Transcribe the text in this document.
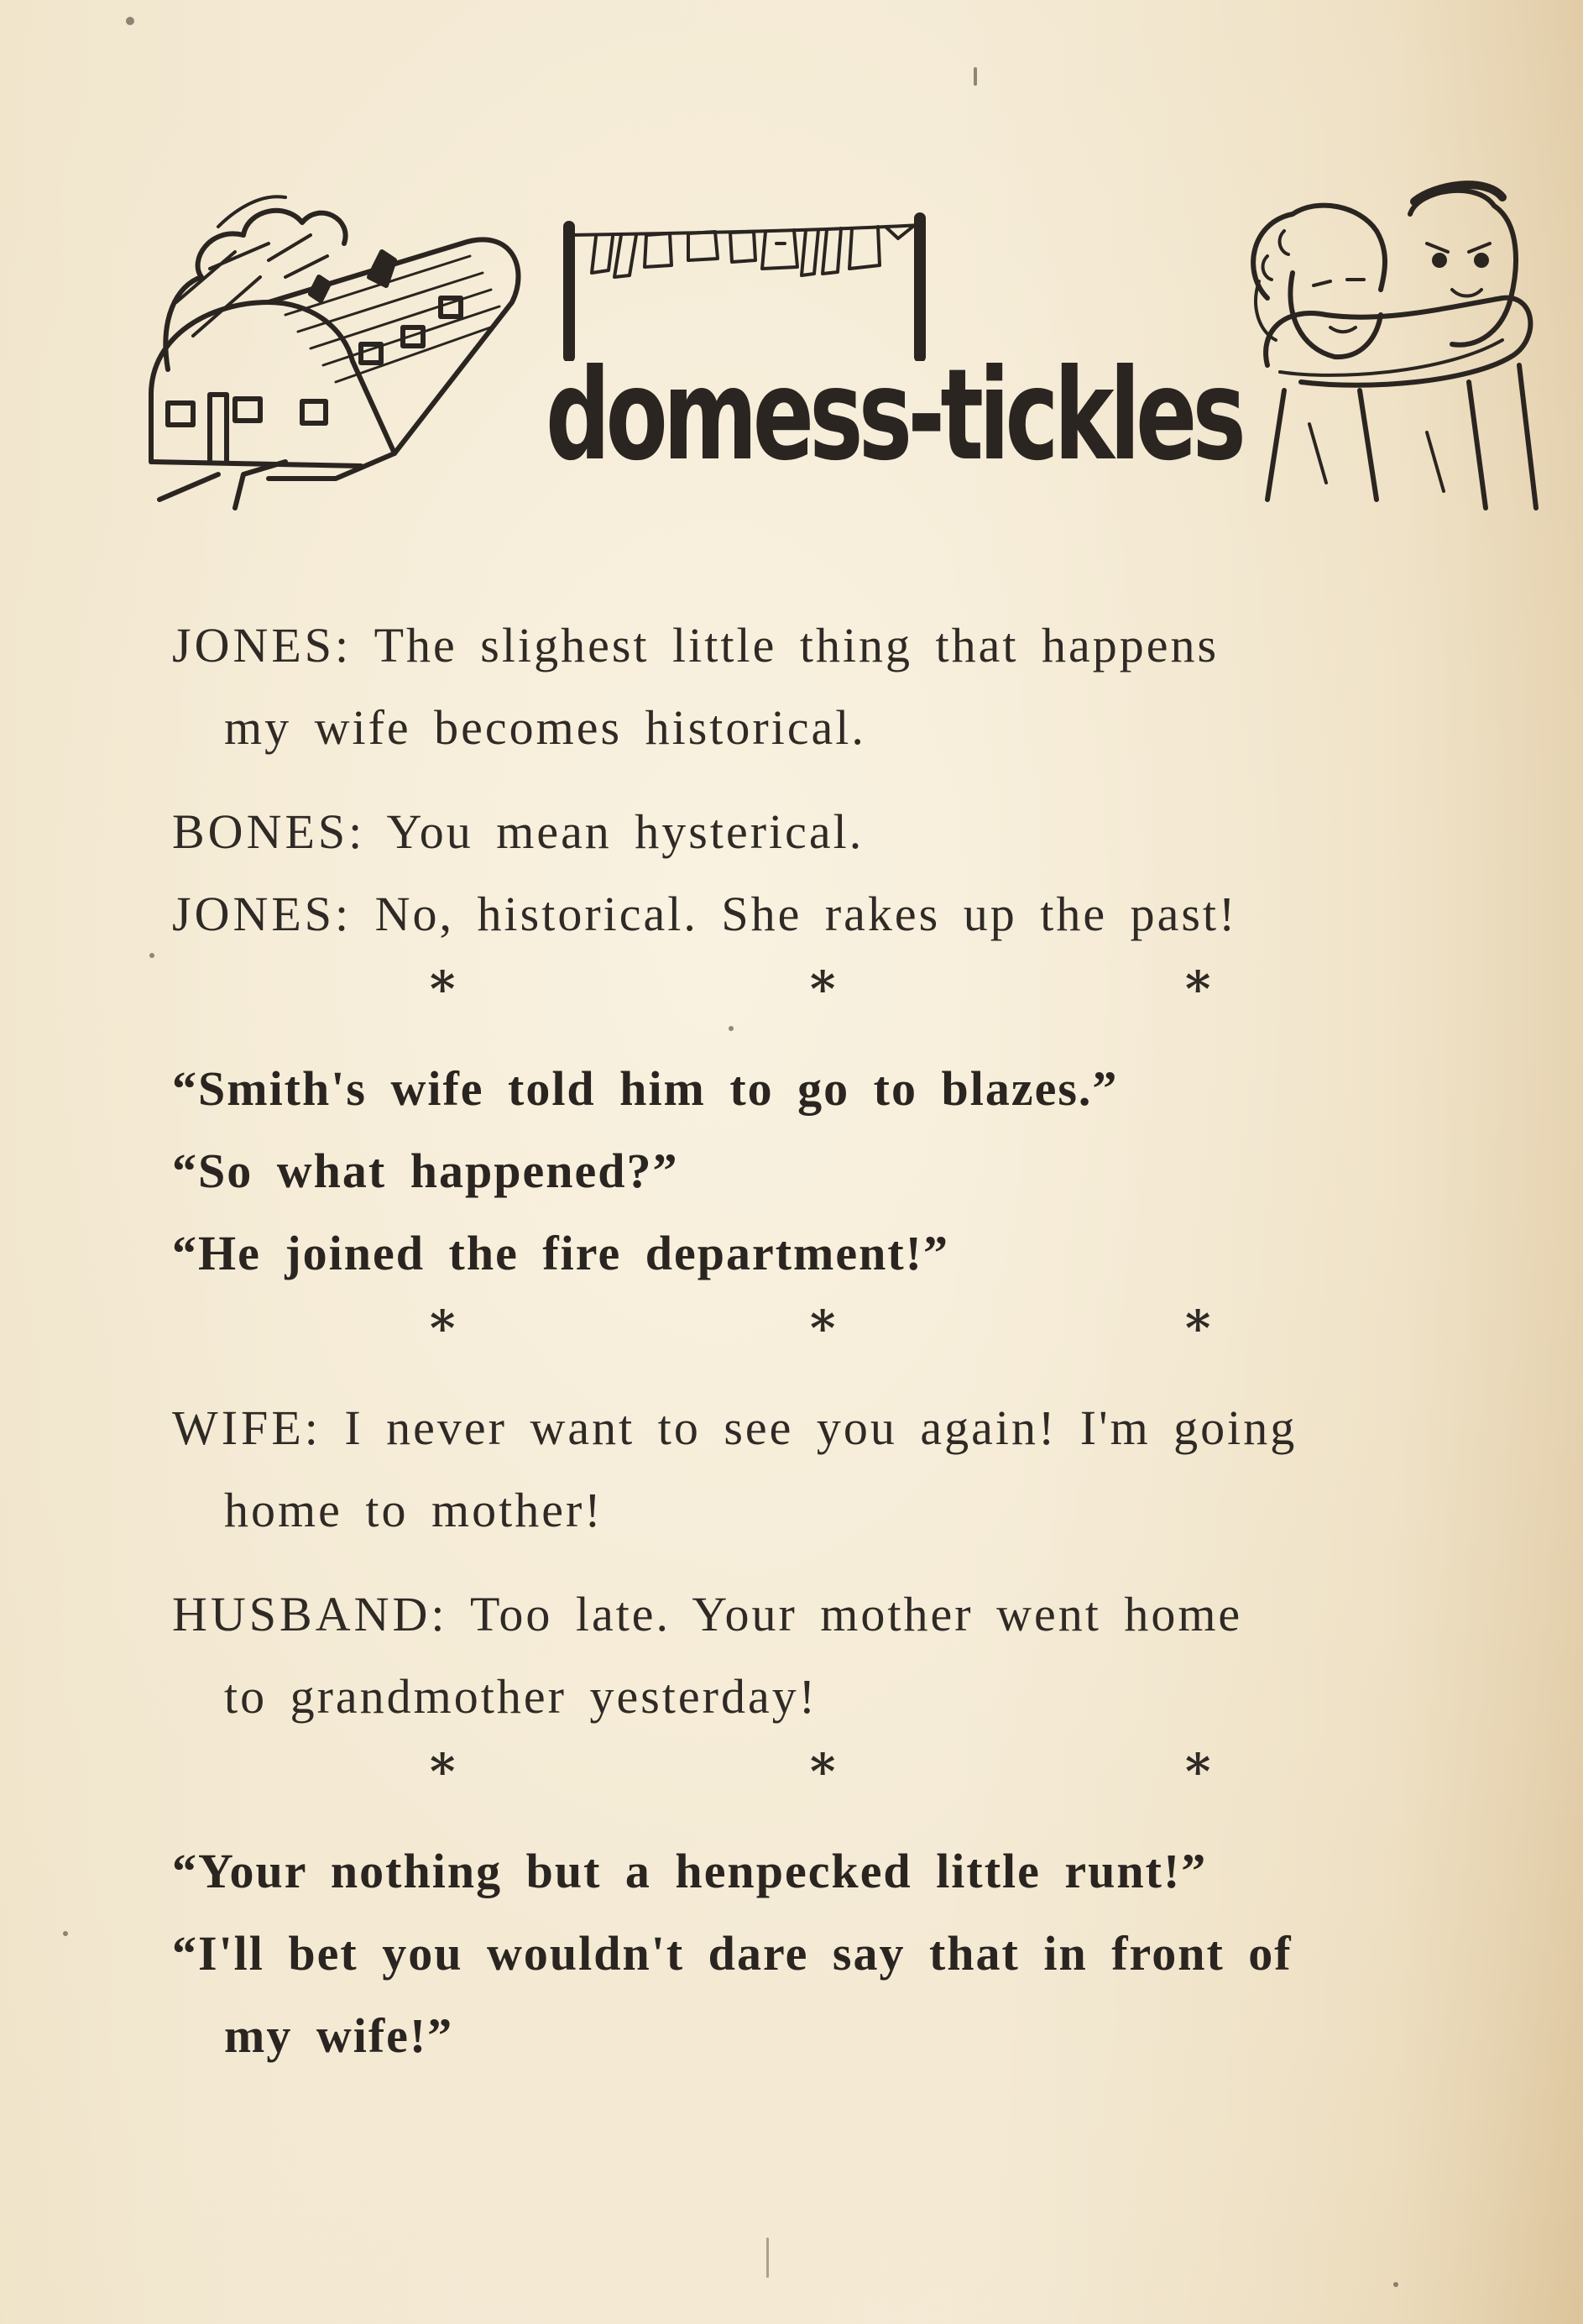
domess-tickles
JONES: The slighest little thing that happens
my wife becomes historical.
BONES: You mean hysterical.
JONES: No, historical. She rakes up the past!
*	*	*
“Smith's wife told him to go to blazes.”
“So what happened?”
“He joined the fire department!”
*	*	*
WIFE: I never want to see you again! I'm going
home to mother!
HUSBAND: Too late. Your mother went home
to grandmother yesterday!
*	*	*
“Your nothing but a henpecked little runt!”
“I'll bet you wouldn't dare say that in front of
my wife!”
